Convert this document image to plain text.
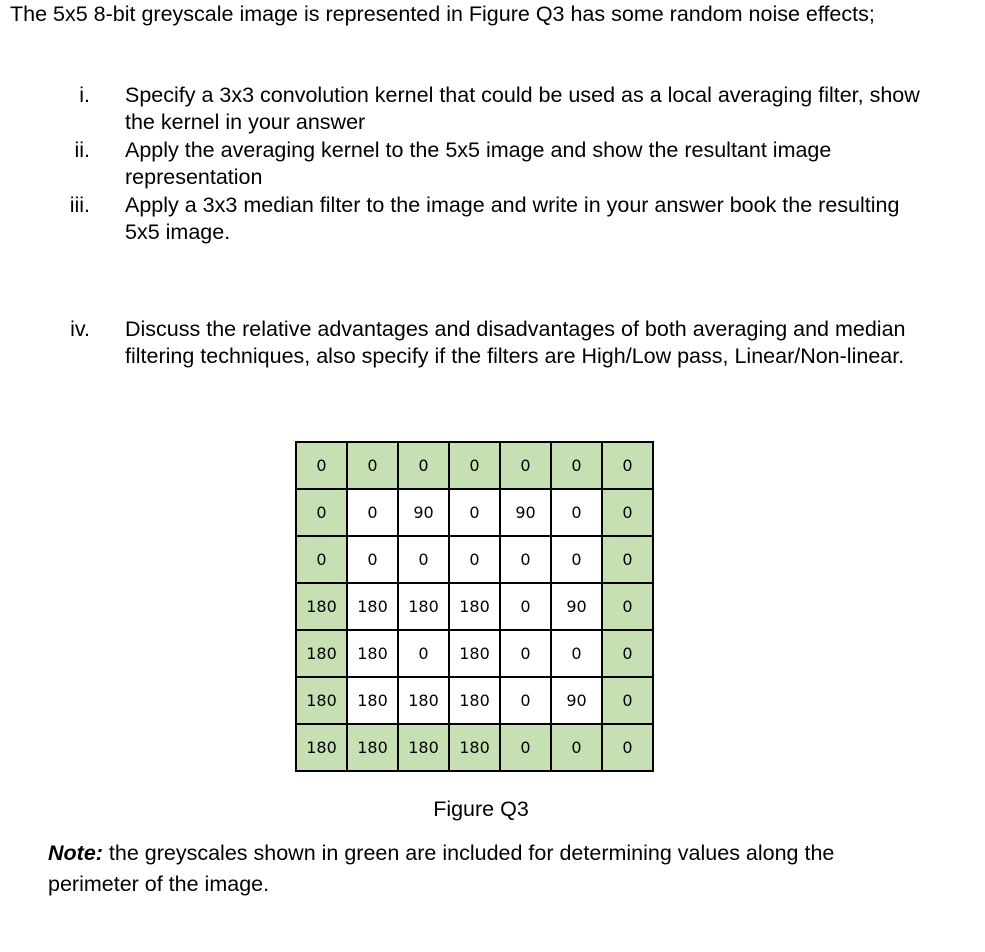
The 5x5 8-bit greyscale image is represented in Figure Q3 has some random noise effects;
i. Specify a 3x3 convolution kernel that could be used as a local averaging filter, show the kernel in your answer
ii. Apply the averaging kernel to the 5x5 image and show the resultant image representation
iii. Apply a 3x3 median filter to the image and write in your answer book the resulting 5x5 image.
iv. Discuss the relative advantages and disadvantages of both averaging and median filtering techniques, also specify if the filters are High/Low pass, Linear/Non-linear.
0	0	0	0	0	0	0
0	0	90	0	90	0	0
0	0	0	0	0	0	0
180	180	180	180	0	90	0
180	180	0	180	0	0	0
180	180	180	180	0	90	0
180	180	180	180	0	0	0
Figure Q3
Note: the greyscales shown in green are included for determining values along the perimeter of the image.
